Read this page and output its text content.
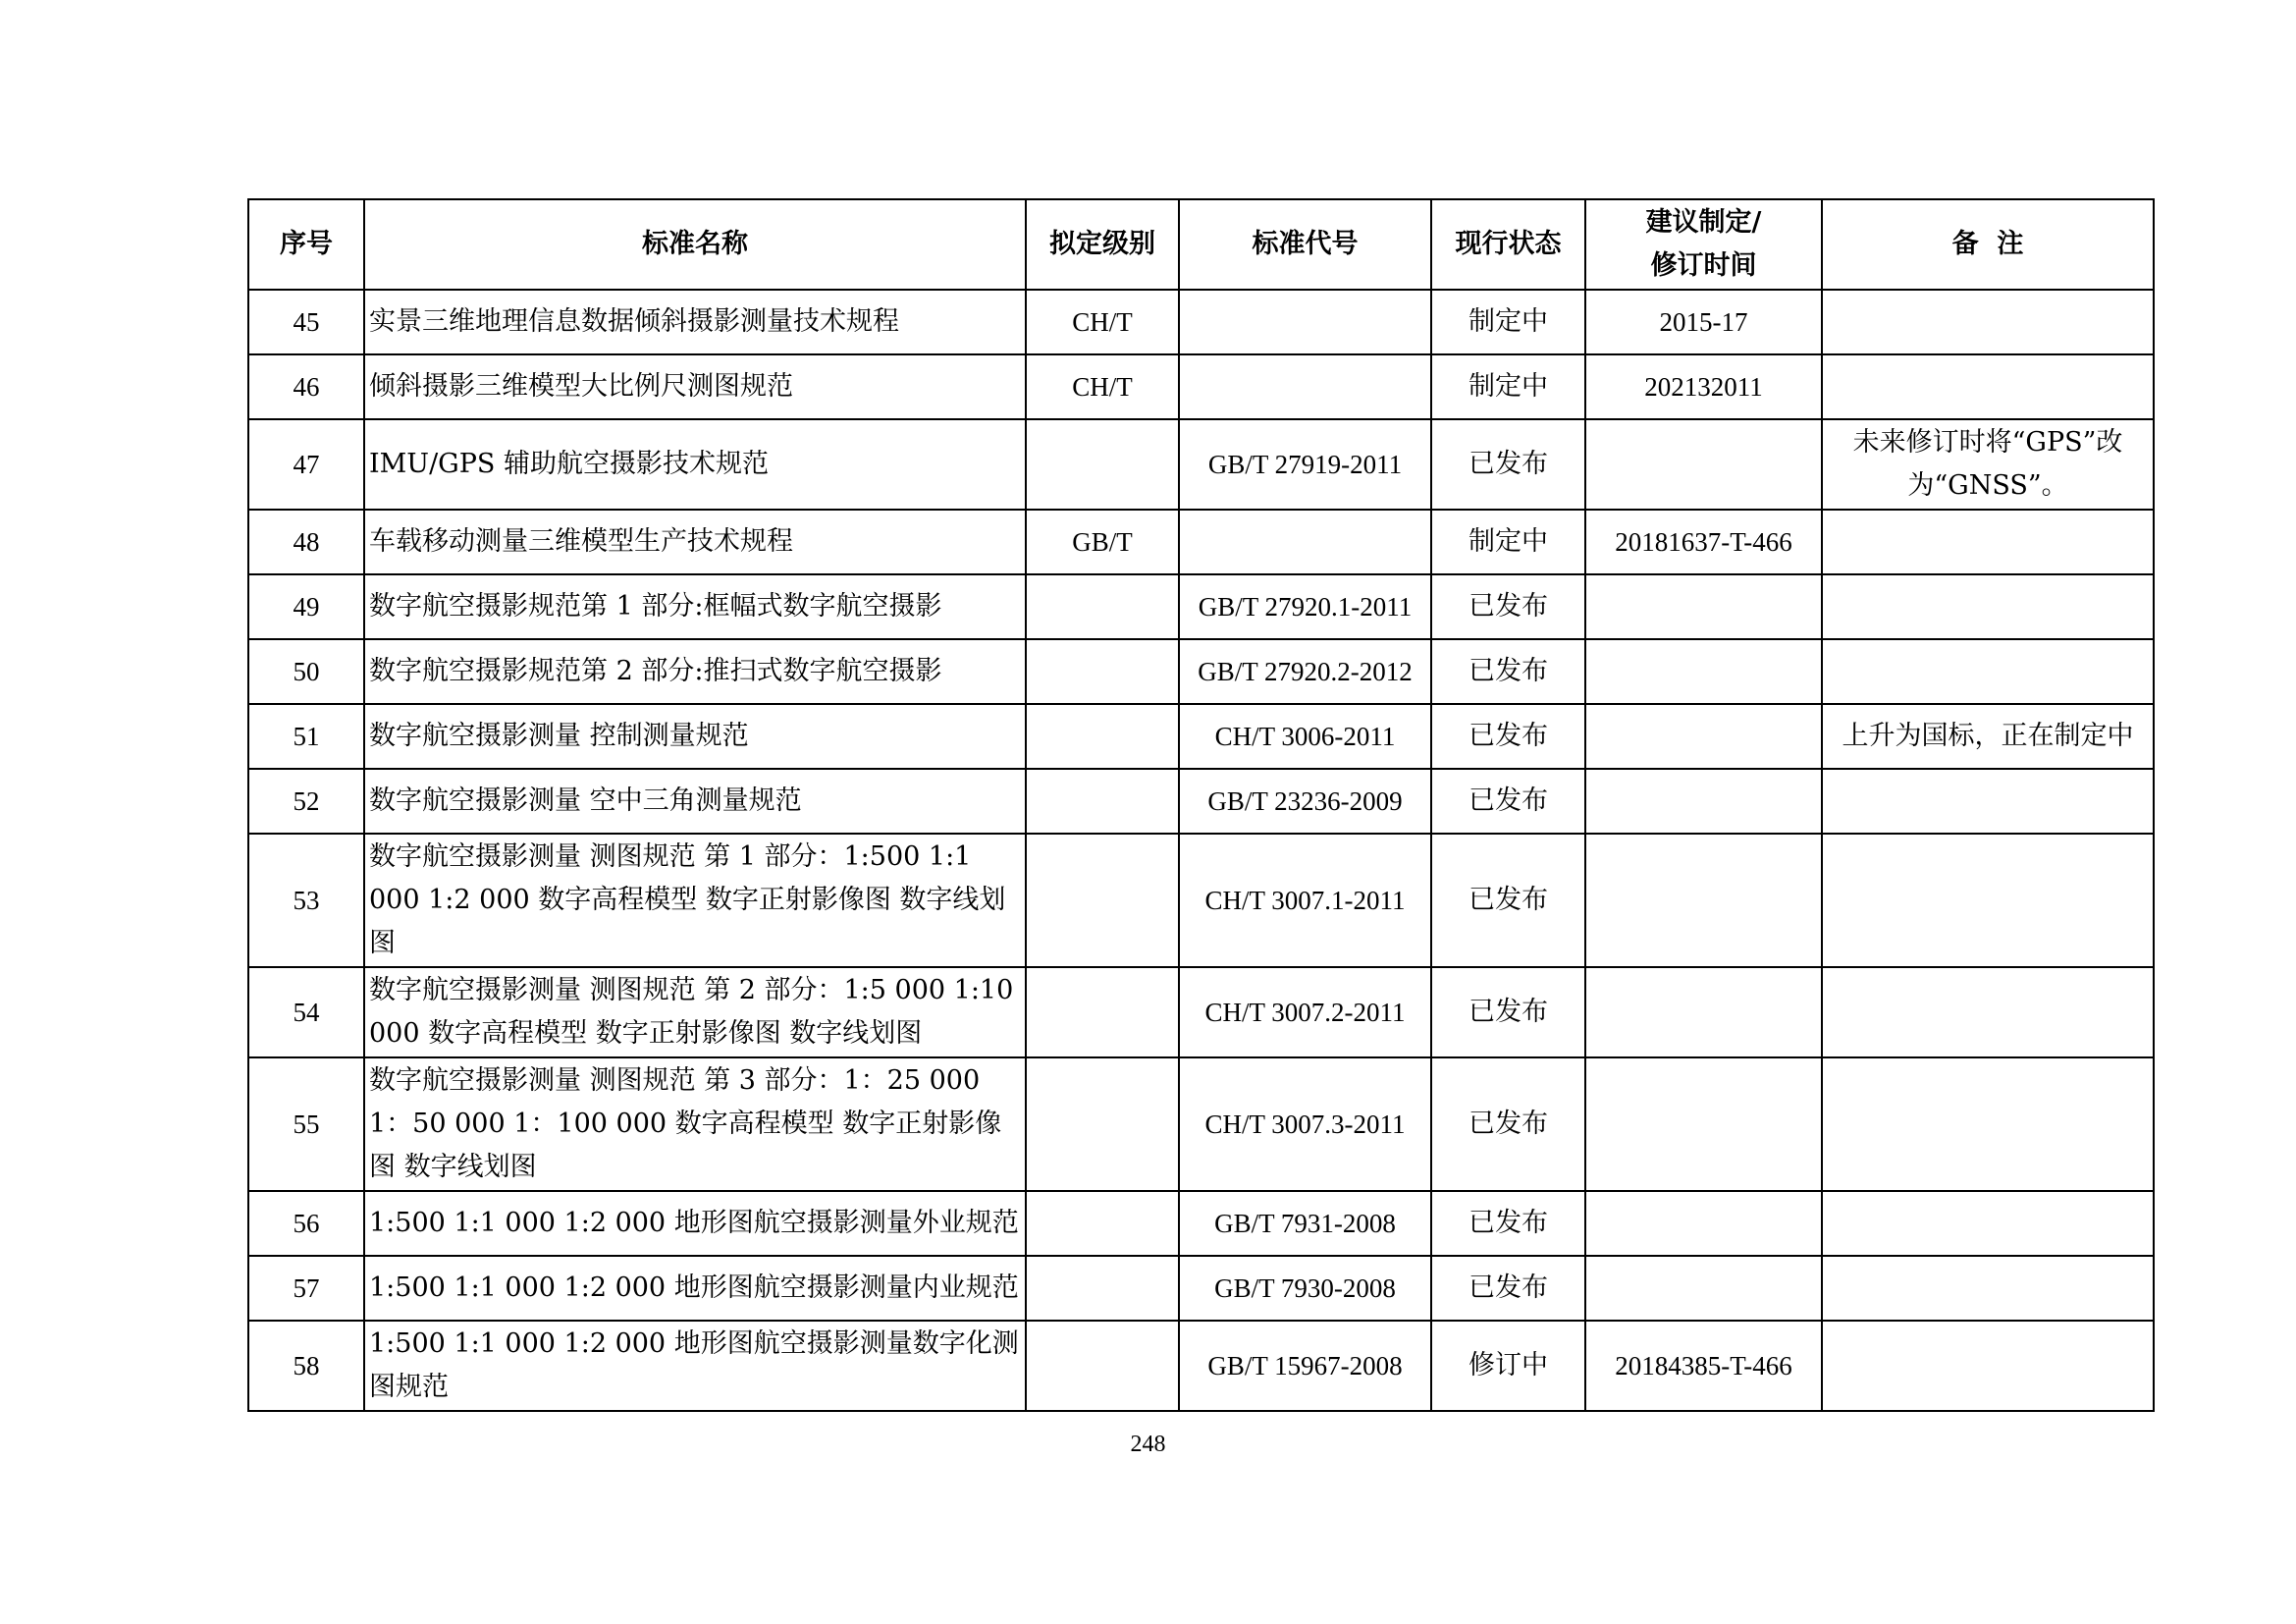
序号	标准名称	拟定级别	标准代号	现行状态	建议制定/
修订时间	备  注
45	实景三维地理信息数据倾斜摄影测量技术规程	CH/T		制定中	2015-17	
46	倾斜摄影三维模型大比例尺测图规范	CH/T		制定中	202132011	
47	IMU/GPS 辅助航空摄影技术规范		GB/T 27919-2011	已发布		未来修订时将“GPS”改为“GNSS”。
48	车载移动测量三维模型生产技术规程	GB/T		制定中	20181637-T-466	
49	数字航空摄影规范第 1 部分:框幅式数字航空摄影		GB/T 27920.1-2011	已发布		
50	数字航空摄影规范第 2 部分:推扫式数字航空摄影		GB/T 27920.2-2012	已发布		
51	数字航空摄影测量 控制测量规范		CH/T 3006-2011	已发布		上升为国标，正在制定中
52	数字航空摄影测量 空中三角测量规范		GB/T 23236-2009	已发布		
53	数字航空摄影测量 测图规范 第 1 部分：1:500 1:1 000 1:2 000 数字高程模型 数字正射影像图 数字线划图		CH/T 3007.1-2011	已发布		
54	数字航空摄影测量 测图规范 第 2 部分：1:5 000 1:10 000 数字高程模型 数字正射影像图 数字线划图		CH/T 3007.2-2011	已发布		
55	数字航空摄影测量 测图规范 第 3 部分：1：25 000 1：50 000 1：100 000 数字高程模型 数字正射影像图 数字线划图		CH/T 3007.3-2011	已发布		
56	1:500 1:1 000 1:2 000 地形图航空摄影测量外业规范		GB/T 7931-2008	已发布		
57	1:500 1:1 000 1:2 000 地形图航空摄影测量内业规范		GB/T 7930-2008	已发布		
58	1:500 1:1 000 1:2 000 地形图航空摄影测量数字化测图规范		GB/T 15967-2008	修订中	20184385-T-466	
248
